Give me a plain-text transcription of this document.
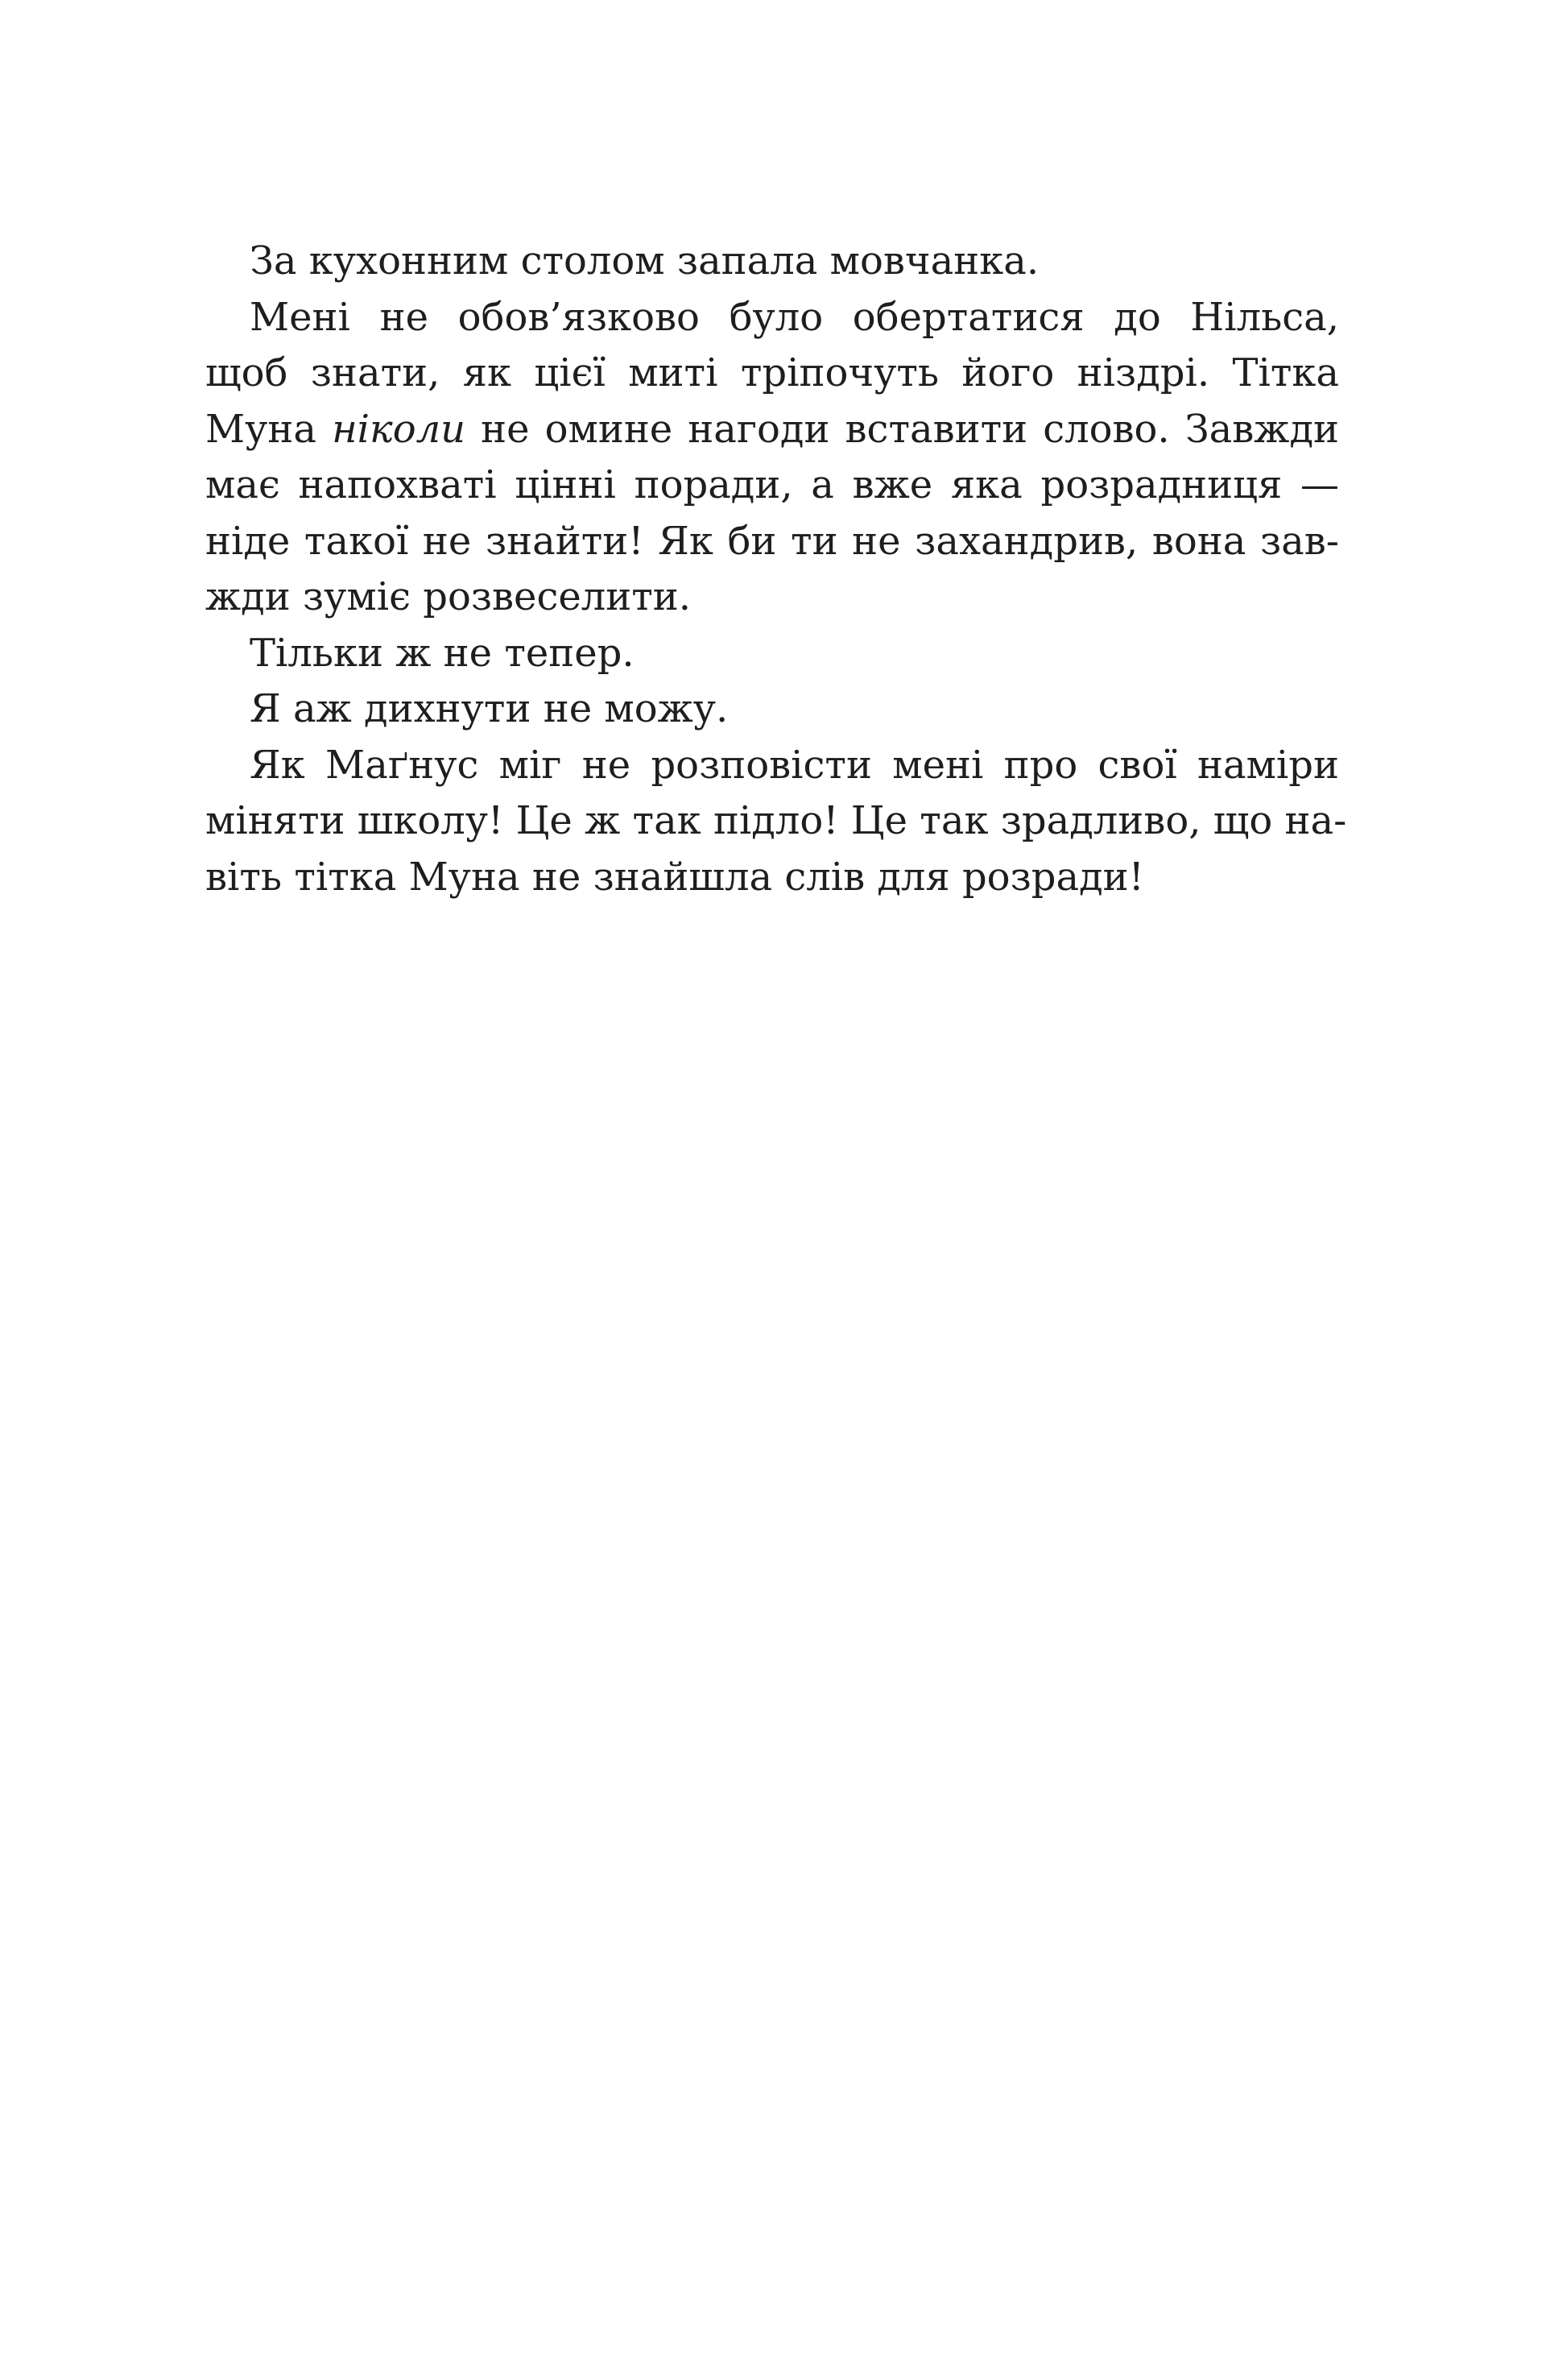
За кухонним столом запала мовчанка.
Мені не обов’язково було обертатися до Нільса,
щоб знати, як цієї миті тріпочуть його ніздрі. Тітка
Муна ніколи не омине нагоди вставити слово. Завжди
має напохваті цінні поради, а вже яка розрадниця —
ніде такої не знайти! Як би ти не захандрив, вона зав-
жди зуміє розвеселити.
Тільки ж не тепер.
Я аж дихнути не можу.
Як Маґнус міг не розповісти мені про свої наміри
міняти школу! Це ж так підло! Це так зрадливо, що на-
віть тітка Муна не знайшла слів для розради!
